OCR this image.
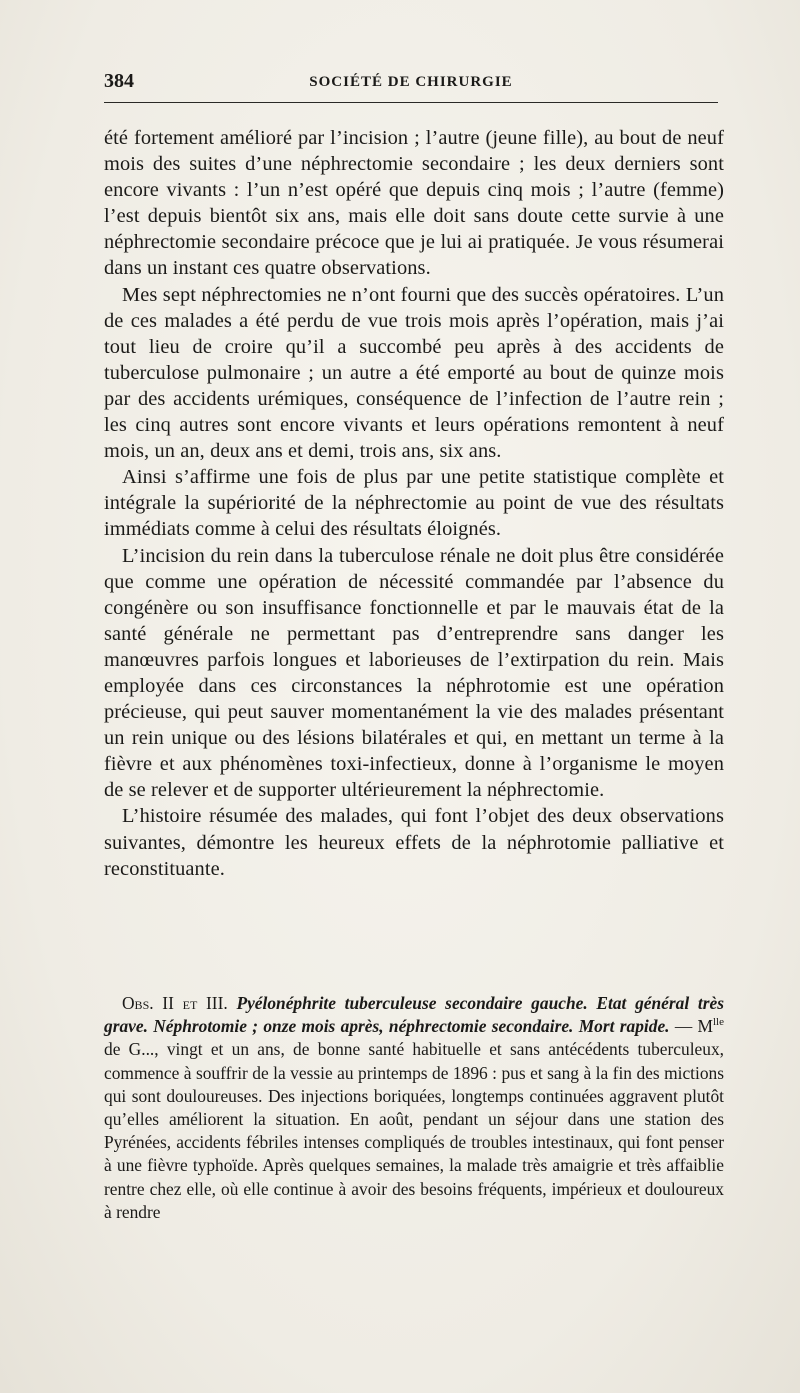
384	SOCIÉTÉ DE CHIRURGIE

été fortement amélioré par l’incision ; l’autre (jeune fille), au bout de neuf mois des suites d’une néphrectomie secondaire ; les deux derniers sont encore vivants : l’un n’est opéré que depuis cinq mois ; l’autre (femme) l’est depuis bientôt six ans, mais elle doit sans doute cette survie à une néphrectomie secondaire précoce que je lui ai pratiquée. Je vous résumerai dans un instant ces quatre observations.

Mes sept néphrectomies ne n’ont fourni que des succès opératoires. L’un de ces malades a été perdu de vue trois mois après l’opération, mais j’ai tout lieu de croire qu’il a succombé peu après à des accidents de tuberculose pulmonaire ; un autre a été emporté au bout de quinze mois par des accidents urémiques, conséquence de l’infection de l’autre rein ; les cinq autres sont encore vivants et leurs opérations remontent à neuf mois, un an, deux ans et demi, trois ans, six ans.

Ainsi s’affirme une fois de plus par une petite statistique complète et intégrale la supériorité de la néphrectomie au point de vue des résultats immédiats comme à celui des résultats éloignés.

L’incision du rein dans la tuberculose rénale ne doit plus être considérée que comme une opération de nécessité commandée par l’absence du congénère ou son insuffisance fonctionnelle et par le mauvais état de la santé générale ne permettant pas d’entreprendre sans danger les manœuvres parfois longues et laborieuses de l’extirpation du rein. Mais employée dans ces circonstances la néphrotomie est une opération précieuse, qui peut sauver momentanément la vie des malades présentant un rein unique ou des lésions bilatérales et qui, en mettant un terme à la fièvre et aux phénomènes toxi-infectieux, donne à l’organisme le moyen de se relever et de supporter ultérieurement la néphrectomie.

L’histoire résumée des malades, qui font l’objet des deux observations suivantes, démontre les heureux effets de la néphrotomie palliative et reconstituante.

Obs. II et III. Pyélonéphrite tuberculeuse secondaire gauche. Etat général très grave. Néphrotomie ; onze mois après, néphrectomie secondaire. Mort rapide. — $M^{lle}$ de G..., vingt et un ans, de bonne santé habituelle et sans antécédents tuberculeux, commence à souffrir de la vessie au printemps de 1896 : pus et sang à la fin des mictions qui sont douloureuses. Des injections boriquées, longtemps continuées aggravent plutôt qu’elles améliorent la situation. En août, pendant un séjour dans une station des Pyrénées, accidents fébriles intenses compliqués de troubles intestinaux, qui font penser à une fièvre typhoïde. Après quelques semaines, la malade très amaigrie et très affaiblie rentre chez elle, où elle continue à avoir des besoins fréquents, impérieux et douloureux à rendre
